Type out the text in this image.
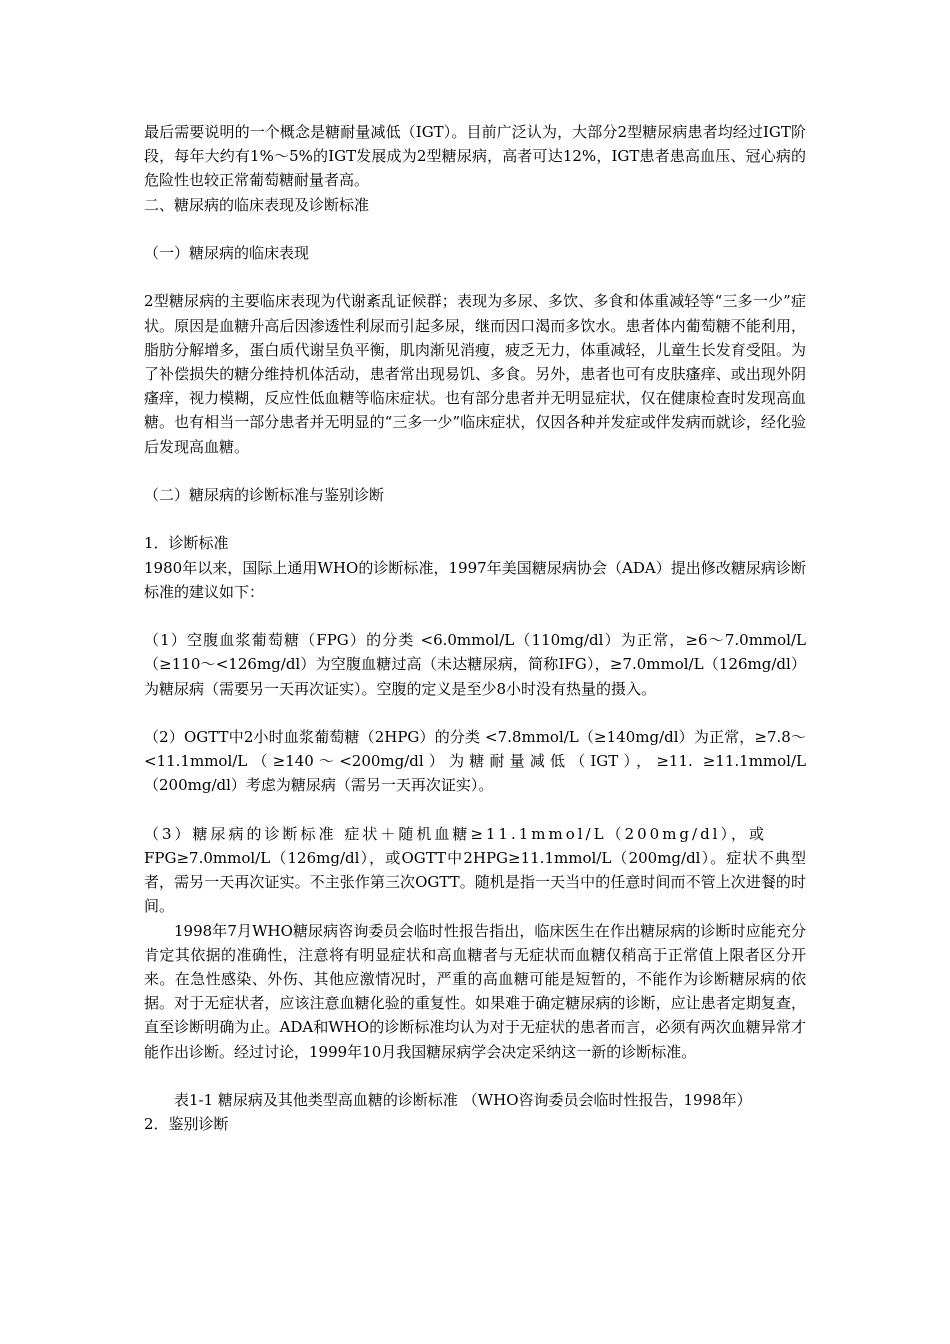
最后需要说明的一个概念是糖耐量减低（IGT）。目前广泛认为，大部分2型糖尿病患者均经过IGT阶段，每年大约有1%～5%的IGT发展成为2型糖尿病，高者可达12%，IGT患者患高血压、冠心病的危险性也较正常葡萄糖耐量者高。

二、糖尿病的临床表现及诊断标准

（一）糖尿病的临床表现

2型糖尿病的主要临床表现为代谢紊乱证候群；表现为多尿、多饮、多食和体重减轻等“三多一少”症状。原因是血糖升高后因渗透性利尿而引起多尿，继而因口渴而多饮水。患者体内葡萄糖不能利用，脂肪分解增多，蛋白质代谢呈负平衡，肌肉渐见消瘦，疲乏无力，体重减轻，儿童生长发育受阻。为了补偿损失的糖分维持机体活动，患者常出现易饥、多食。另外，患者也可有皮肤瘙痒、或出现外阴瘙痒，视力模糊，反应性低血糖等临床症状。也有部分患者并无明显症状，仅在健康检查时发现高血糖。也有相当一部分患者并无明显的“三多一少”临床症状，仅因各种并发症或伴发病而就诊，经化验后发现高血糖。

（二）糖尿病的诊断标准与鉴别诊断

1．诊断标准

1980年以来，国际上通用WHO的诊断标准，1997年美国糖尿病协会（ADA）提出修改糖尿病诊断标准的建议如下：

（1）空腹血浆葡萄糖（FPG）的分类 <6.0mmol/L（110mg/dl）为正常，≥6～7.0mmol/L（≥110～<126mg/dl）为空腹血糖过高（未达糖尿病，简称IFG），≥7.0mmol/L（126mg/dl）为糖尿病（需要另一天再次证实）。空腹的定义是至少8小时没有热量的摄入。

（2）OGTT中2小时血浆葡萄糖（2HPG）的分类 <7.8mmol/L（≥140mg/dl）为正常，≥7.8～<11.1mmol/L（≥140～<200mg/dl）为糖耐量减低（IGT），≥11. ≥11.1mmol/L（200mg/dl）考虑为糖尿病（需另一天再次证实）。

（3）糖尿病的诊断标准 症状＋随机血糖≥11.1mmol/L（200mg/dl），或

FPG≥7.0mmol/L（126mg/dl），或OGTT中2HPG≥11.1mmol/L（200mg/dl）。症状不典型者，需另一天再次证实。不主张作第三次OGTT。随机是指一天当中的任意时间而不管上次进餐的时间。

1998年7月WHO糖尿病咨询委员会临时性报告指出，临床医生在作出糖尿病的诊断时应能充分肯定其依据的准确性，注意将有明显症状和高血糖者与无症状而血糖仅稍高于正常值上限者区分开来。在急性感染、外伤、其他应激情况时，严重的高血糖可能是短暂的，不能作为诊断糖尿病的依据。对于无症状者，应该注意血糖化验的重复性。如果难于确定糖尿病的诊断，应让患者定期复查，直至诊断明确为止。ADA和WHO的诊断标准均认为对于无症状的患者而言，必须有两次血糖异常才能作出诊断。经过讨论，1999年10月我国糖尿病学会决定采纳这一新的诊断标准。

表1-1 糖尿病及其他类型高血糖的诊断标准 （WHO咨询委员会临时性报告，1998年）

2．鉴别诊断
